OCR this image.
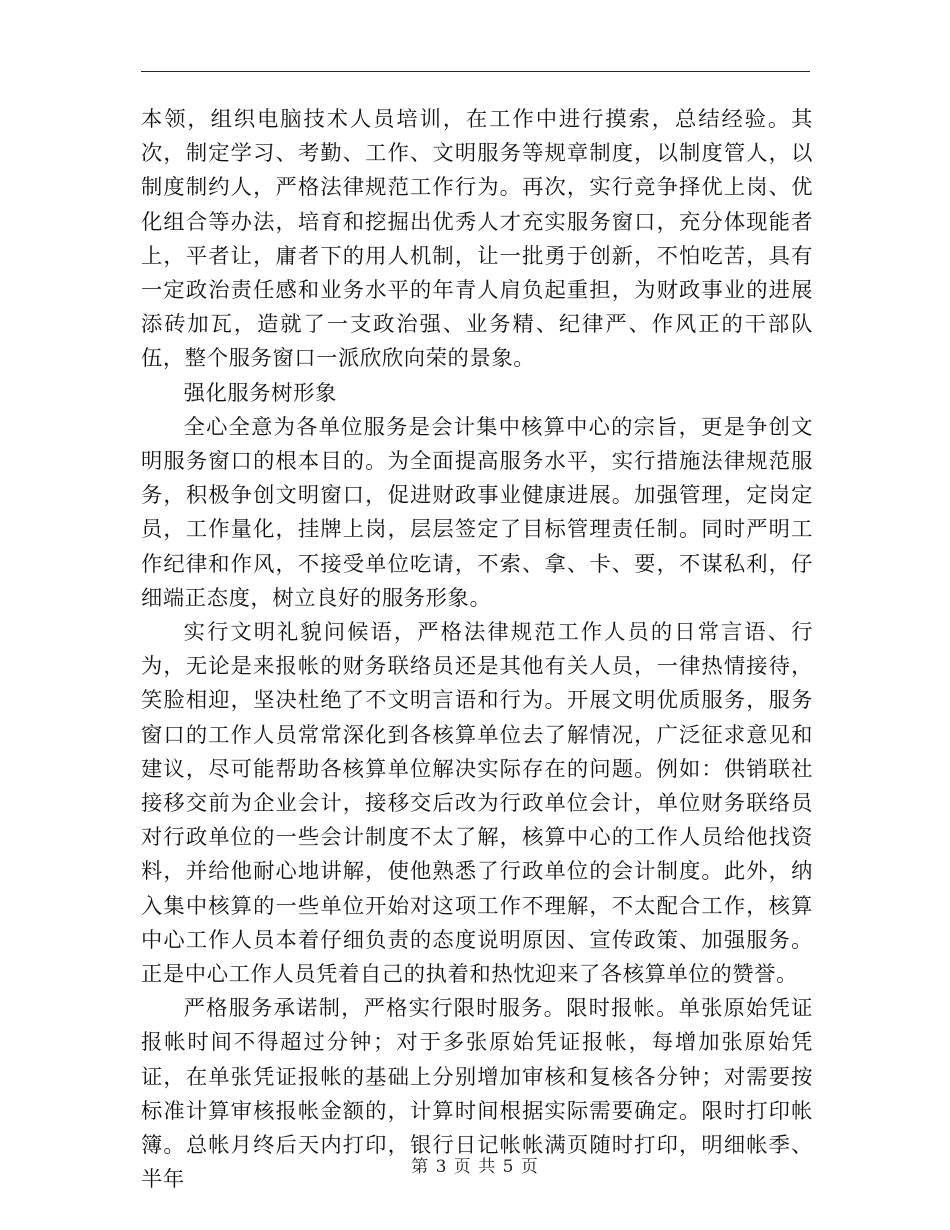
本领，组织电脑技术人员培训，在工作中进行摸索，总结经验。其次，制定学习、考勤、工作、文明服务等规章制度，以制度管人，以制度制约人，严格法律规范工作行为。再次，实行竞争择优上岗、优化组合等办法，培育和挖掘出优秀人才充实服务窗口，充分体现能者上，平者让，庸者下的用人机制，让一批勇于创新，不怕吃苦，具有一定政治责任感和业务水平的年青人肩负起重担，为财政事业的进展添砖加瓦，造就了一支政治强、业务精、纪律严、作风正的干部队伍，整个服务窗口一派欣欣向荣的景象。

强化服务树形象

全心全意为各单位服务是会计集中核算中心的宗旨，更是争创文明服务窗口的根本目的。为全面提高服务水平，实行措施法律规范服务，积极争创文明窗口，促进财政事业健康进展。加强管理，定岗定员，工作量化，挂牌上岗，层层签定了目标管理责任制。同时严明工作纪律和作风，不接受单位吃请，不索、拿、卡、要，不谋私利，仔细端正态度，树立良好的服务形象。

实行文明礼貌问候语，严格法律规范工作人员的日常言语、行为，无论是来报帐的财务联络员还是其他有关人员，一律热情接待，笑脸相迎，坚决杜绝了不文明言语和行为。开展文明优质服务，服务窗口的工作人员常常深化到各核算单位去了解情况，广泛征求意见和建议，尽可能帮助各核算单位解决实际存在的问题。例如：供销联社接移交前为企业会计，接移交后改为行政单位会计，单位财务联络员对行政单位的一些会计制度不太了解，核算中心的工作人员给他找资料，并给他耐心地讲解，使他熟悉了行政单位的会计制度。此外，纳入集中核算的一些单位开始对这项工作不理解，不太配合工作，核算中心工作人员本着仔细负责的态度说明原因、宣传政策、加强服务。正是中心工作人员凭着自己的执着和热忱迎来了各核算单位的赞誉。

严格服务承诺制，严格实行限时服务。限时报帐。单张原始凭证报帐时间不得超过分钟；对于多张原始凭证报帐，每增加张原始凭证，在单张凭证报帐的基础上分别增加审核和复核各分钟；对需要按标准计算审核报帐金额的，计算时间根据实际需要确定。限时打印帐簿。总帐月终后天内打印，银行日记帐帐满页随时打印，明细帐季、半年

第 3 页 共 5 页
